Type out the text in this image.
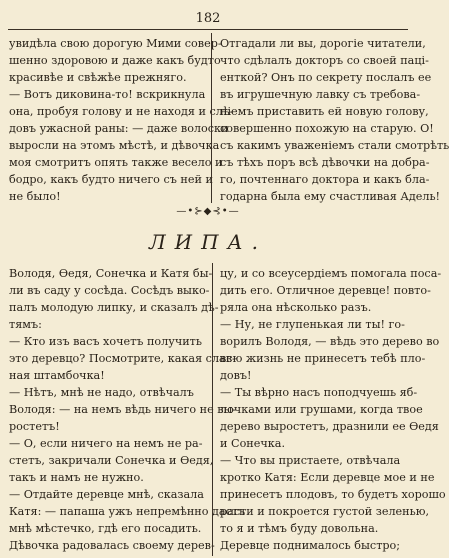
182
увидѣла свою дорогую Мими совер-
шенно здоровою и даже какъ будто
красивѣе и свѣжѣе прежняго.
— Вотъ диковина-то! вскрикнула
она, пробуя голову и не находя и слѣ-
довъ ужасной раны: — даже волоски
выросли на этомъ мѣстѣ, и дѣвочка
моя смотритъ опять также весело и
бодро, какъ будто ничего съ ней и
не было!
Отгадали ли вы, дорогіе читатели,
что сдѣлалъ докторъ со своей паці-
енткой? Онъ по секрету послалъ ее
въ игрушечную лавку съ требова-
ніемъ приставить ей новую голову,
совершенно похожую на старую. О!
съ какимъ уваженіемъ стали смотрѣть
съ тѣхъ поръ всѣ дѣвочки на добра-
го, почтеннаго доктора и какъ бла-
годарна была ему счастливая Адель!
—•⊱◆⊰•—
ЛИПА.
Володя, Ѳедя, Сонечка и Катя бы-
ли въ саду у сосѣда. Сосѣдъ выко-
палъ молодую липку, и сказалъ дѣ-
тямъ:
— Кто изъ васъ хочетъ получить
это деревцо? Посмотрите, какая слав-
ная штамбочка!
— Нѣтъ, мнѣ не надо, отвѣчалъ
Володя: — на немъ вѣдь ничего не вы-
ростетъ!
— О, если ничего на немъ не ра-
стетъ, закричали Сонечка и Ѳедя,
такъ и намъ не нужно.
— Отдайте деревце мнѣ, сказала
Катя: — папаша ужъ непремѣнно дастъ
мнѣ мѣстечко, гдѣ его посадить.
Дѣвочка радовалась своему дерев-
цу, и со всеусердіемъ помогала поса-
дить его. Отличное деревце! повто-
ряла она нѣсколько разъ.
— Ну, не глупенькая ли ты! го-
ворилъ Володя, — вѣдь это дерево во
всю жизнь не принесетъ тебѣ пло-
довъ!
— Ты вѣрно насъ поподчуешь яб-
лочками или грушами, когда твое
дерево выростетъ, дразнили ее Ѳедя
и Сонечка.
— Что вы пристаете, отвѣчала
кротко Катя: Если деревце мое и не
принесетъ плодовъ, то будетъ хорошо
расти и покроется густой зеленью,
то я и тѣмъ буду довольна.
Деревце поднималось быстро;
